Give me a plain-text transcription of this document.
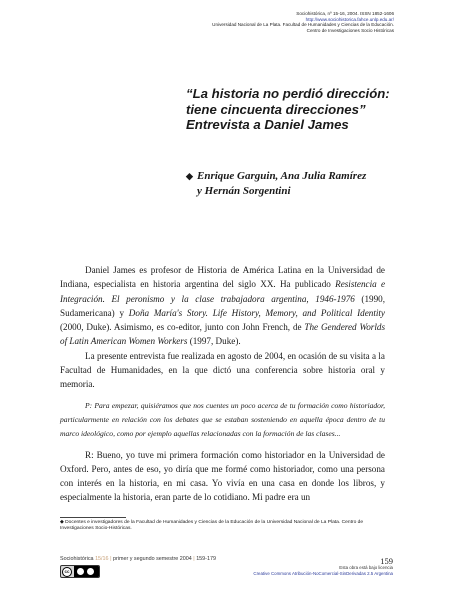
Sociohistórica, nº 15-16, 2004. ISSN 1852-1606
http://www.sociohistorica.fahce.unlp.edu.ar/
Universidad Nacional de La Plata. Facultad de Humanidades y Ciencias de la Educación.
Centro de Investigaciones Socio Históricas
“La historia no perdió dirección:
tiene cincuenta direcciones”
Entrevista a Daniel James
◆ Enrique Garguin, Ana Julia Ramírez
y Hernán Sorgentini

Daniel James es profesor de Historia de América Latina en la Universidad de Indiana, especialista en historia argentina del siglo XX. Ha publicado Resistencia e Integración. El peronismo y la clase trabajadora argentina, 1946-1976 (1990, Sudamericana) y Doña María's Story. Life History, Memory, and Political Identity (2000, Duke). Asimismo, es co-editor, junto con John French, de The Gendered Worlds of Latin American Women Workers (1997, Duke).

La presente entrevista fue realizada en agosto de 2004, en ocasión de su visita a la Facultad de Humanidades, en la que dictó una conferencia sobre historia oral y memoria.

P: Para empezar, quisiéramos que nos cuentes un poco acerca de tu formación como historiador, particularmente en relación con los debates que se estaban sosteniendo en aquella época dentro de tu marco ideológico, como por ejemplo aquellas relacionadas con la formación de las clases...

R: Bueno, yo tuve mi primera formación como historiador en la Universidad de Oxford. Pero, antes de eso, yo diría que me formé como historiador, como una persona con interés en la historia, en mi casa. Yo vivía en una casa en donde los libros, y especialmente la historia, eran parte de lo cotidiano. Mi padre era un

◆ Docentes e investigadores de la Facultad de Humanidades y Ciencias de la Educación de la Universidad Nacional de La Plata. Centro de Investigaciones Socio-Históricas.
Sociohistórica 15/16 | primer y segundo semestre 2004 | 159-179	159
cc
Esta obra está bajo licencia
Creative Commons Atribución-NoComercial-SinDerivadas 2.5 Argentina
